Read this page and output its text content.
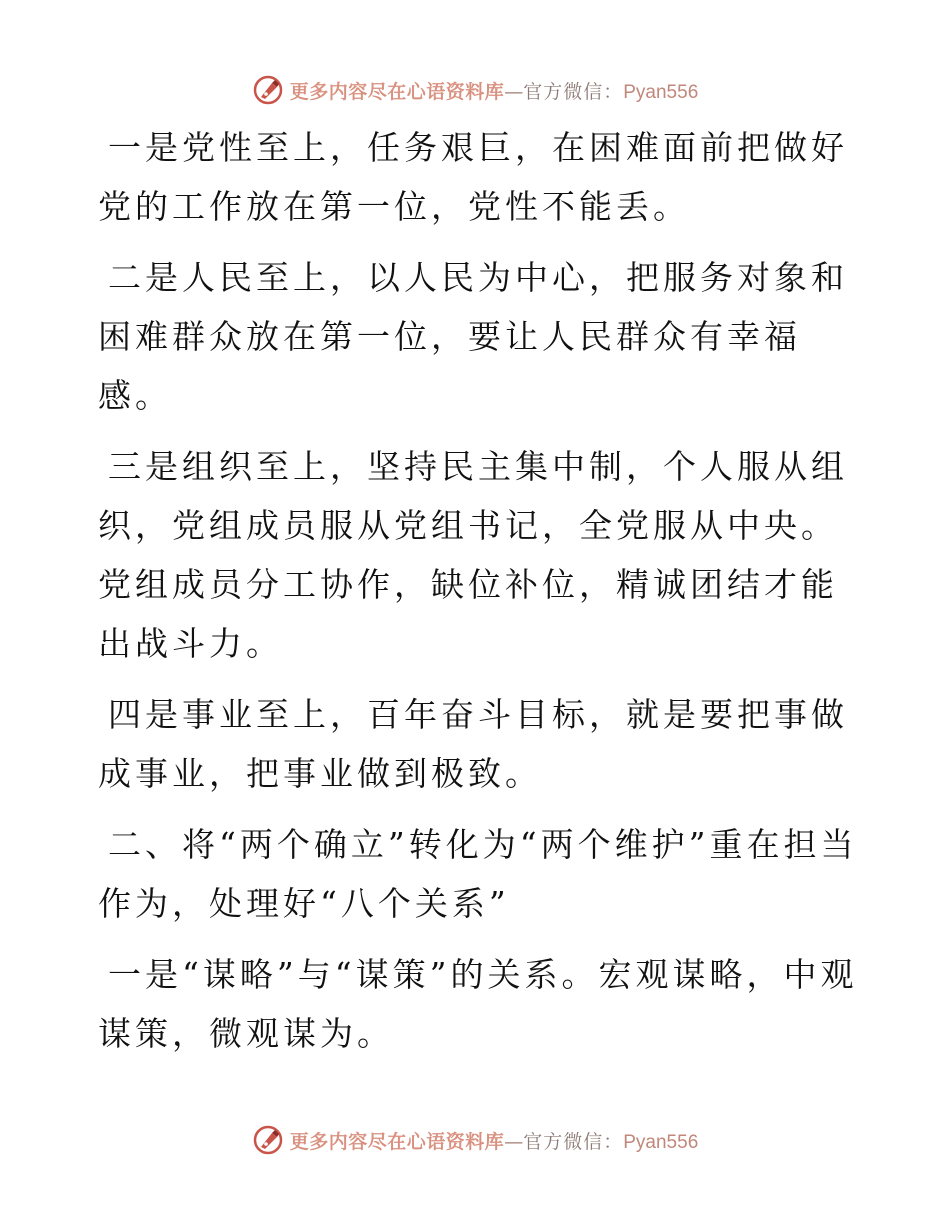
更多内容尽在心语资料库 — 官方微信： Pyan556

一是党性至上，任务艰巨，在困难面前把做好党的工作放在第一位，党性不能丢。

二是人民至上，以人民为中心，把服务对象和困难群众放在第一位，要让人民群众有幸福感。

三是组织至上，坚持民主集中制，个人服从组织，党组成员服从党组书记，全党服从中央。党组成员分工协作，缺位补位，精诚团结才能出战斗力。

四是事业至上，百年奋斗目标，就是要把事做成事业，把事业做到极致。

二、将“两个确立”转化为“两个维护”重在担当作为，处理好“八个关系”

一是“谋略”与“谋策”的关系。宏观谋略，中观谋策，微观谋为。

更多内容尽在心语资料库 — 官方微信： Pyan556
